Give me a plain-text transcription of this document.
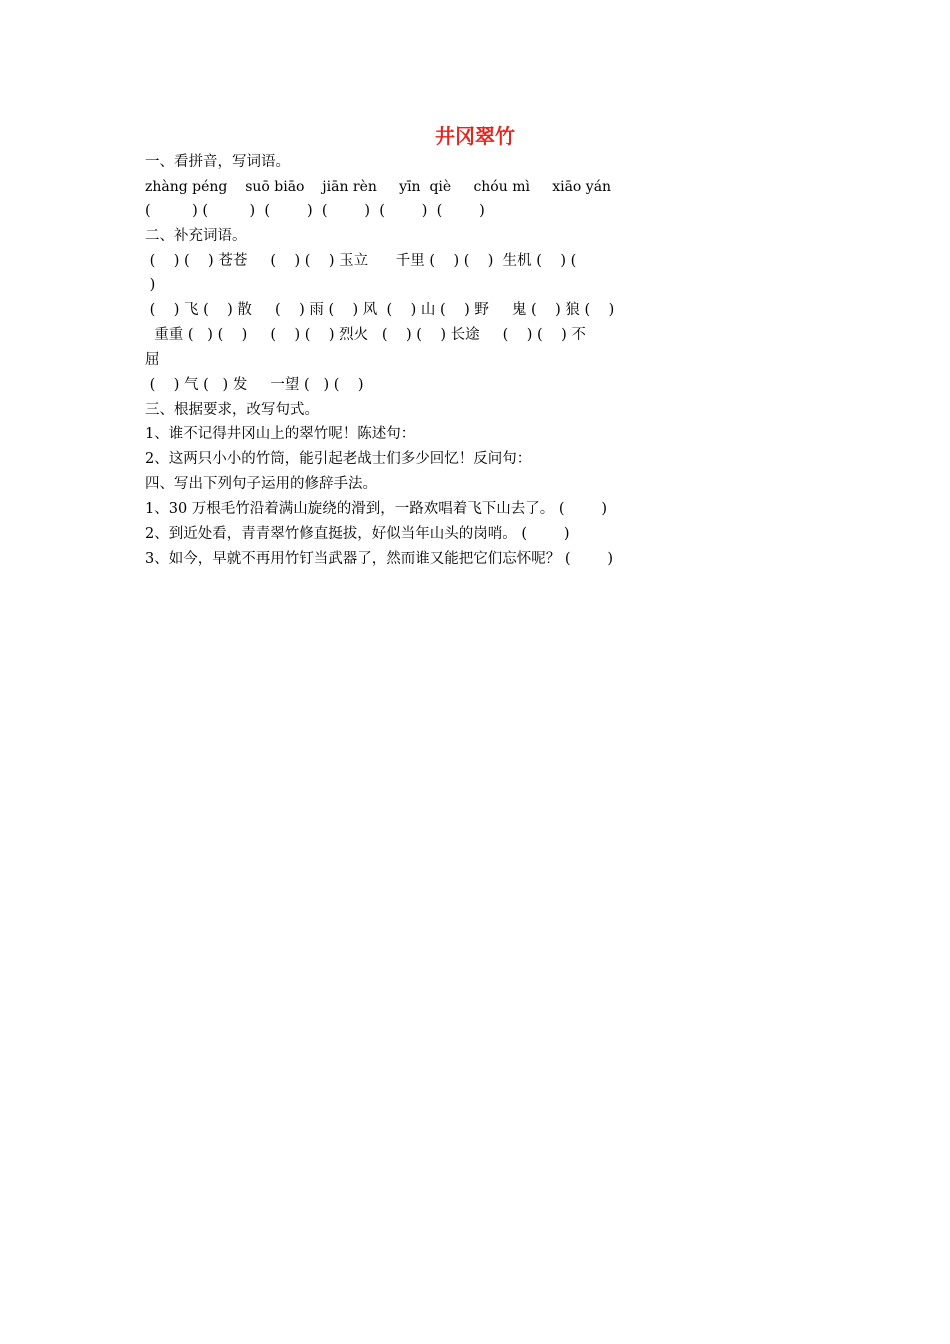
井冈翠竹
一、看拼音，写词语。
zhàng péng    suō biāo    jiān rèn     yīn  qiè     chóu mì     xiāo yán
(         ) (         )  (        )  (        )  (        )  (        )
二、补充词语。
(    ) (    ) 苍苍     (    ) (    ) 玉立      千里 (    ) (    )  生机 (    ) (
)
(    ) 飞 (    ) 散     (    ) 雨 (    ) 风  (    ) 山 (    ) 野     鬼 (    ) 狼 (    )
重重 (   ) (    )     (    ) (    ) 烈火   (    ) (    ) 长途     (    ) (    ) 不
屈
(    ) 气 (   ) 发     一望 (   ) (    )
三、根据要求，改写句式。
1、谁不记得井冈山上的翠竹呢！陈述句：
2、这两只小小的竹筒，能引起老战士们多少回忆！反问句：
四、写出下列句子运用的修辞手法。
1、30 万根毛竹沿着满山旋绕的滑到，一路欢唱着飞下山去了。 (        )
2、到近处看，青青翠竹修直挺拔，好似当年山头的岗哨。 (        )
3、如今，早就不再用竹钉当武器了，然而谁又能把它们忘怀呢？ (        )
